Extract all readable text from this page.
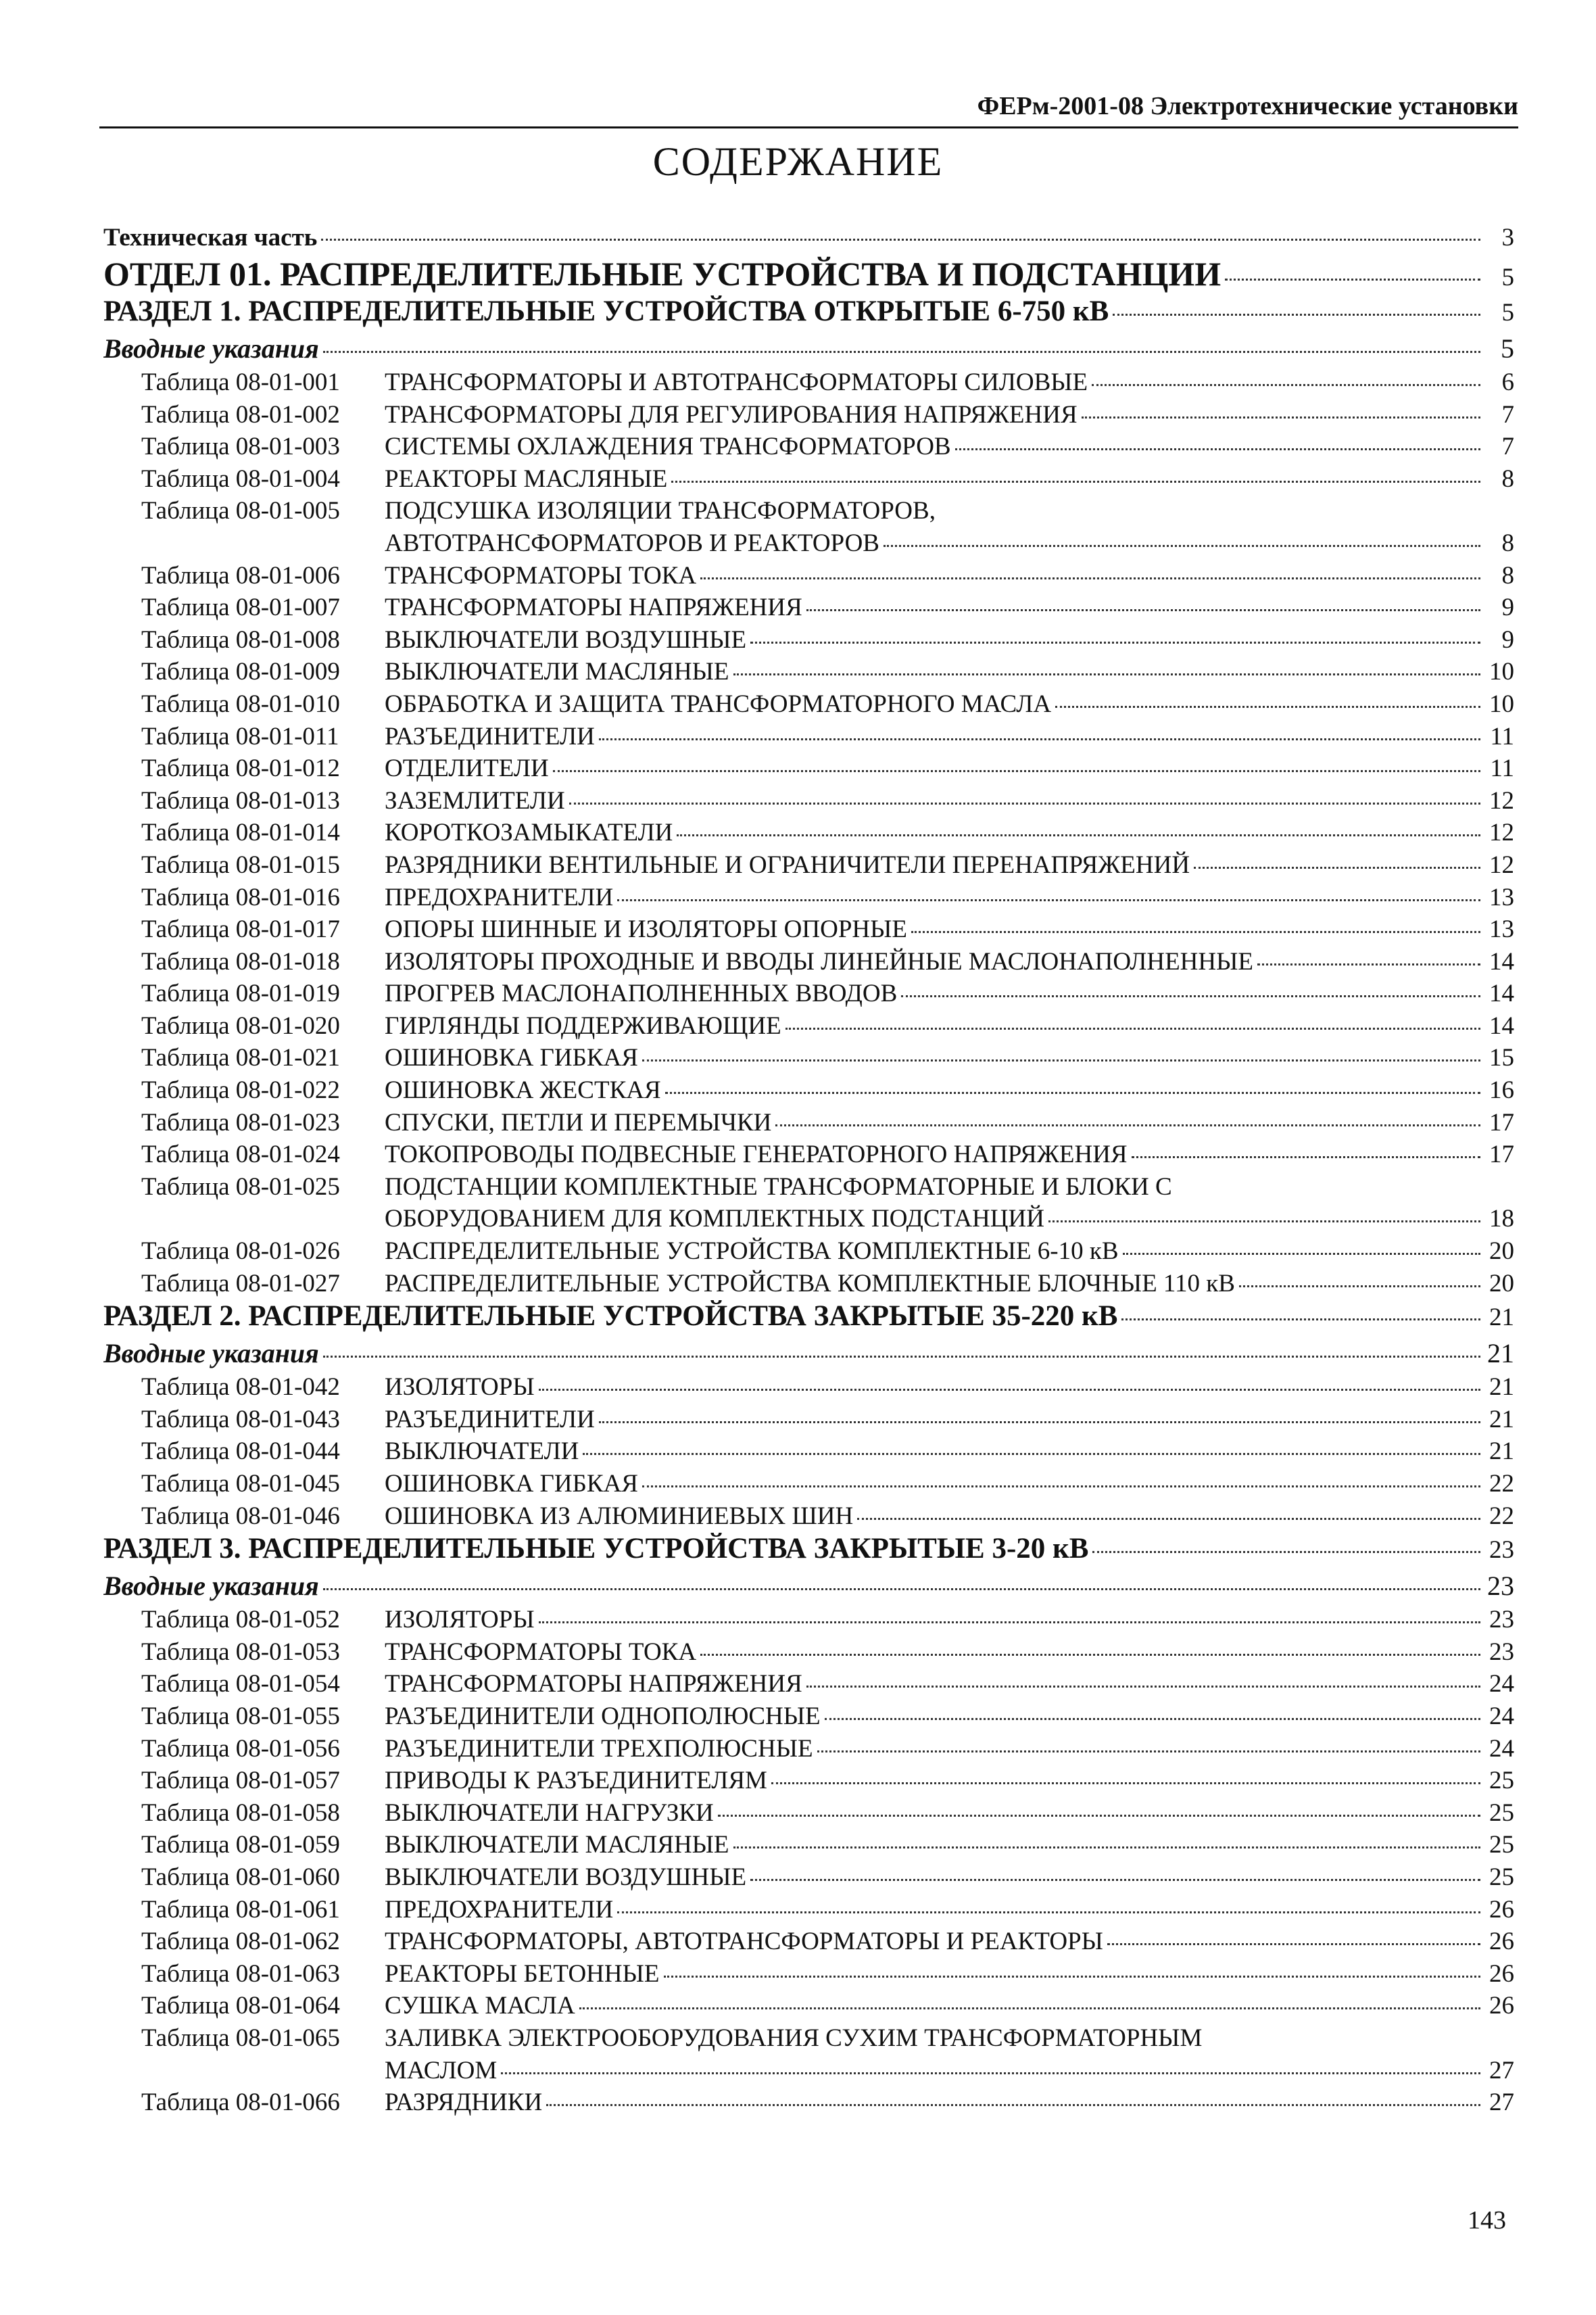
ФЕРм-2001-08 Электротехнические установки
СОДЕРЖАНИЕ
Техническая часть	3
ОТДЕЛ 01. РАСПРЕДЕЛИТЕЛЬНЫЕ УСТРОЙСТВА И ПОДСТАНЦИИ	5
РАЗДЕЛ 1. РАСПРЕДЕЛИТЕЛЬНЫЕ УСТРОЙСТВА ОТКРЫТЫЕ 6-750 кВ	5
Вводные указания	5
Таблица 08-01-001	ТРАНСФОРМАТОРЫ И АВТОТРАНСФОРМАТОРЫ СИЛОВЫЕ	6
Таблица 08-01-002	ТРАНСФОРМАТОРЫ ДЛЯ РЕГУЛИРОВАНИЯ НАПРЯЖЕНИЯ	7
Таблица 08-01-003	СИСТЕМЫ ОХЛАЖДЕНИЯ ТРАНСФОРМАТОРОВ	7
Таблица 08-01-004	РЕАКТОРЫ МАСЛЯНЫЕ	8
Таблица 08-01-005	ПОДСУШКА ИЗОЛЯЦИИ ТРАНСФОРМАТОРОВ,
АВТОТРАНСФОРМАТОРОВ И РЕАКТОРОВ	8
Таблица 08-01-006	ТРАНСФОРМАТОРЫ ТОКА	8
Таблица 08-01-007	ТРАНСФОРМАТОРЫ НАПРЯЖЕНИЯ	9
Таблица 08-01-008	ВЫКЛЮЧАТЕЛИ ВОЗДУШНЫЕ	9
Таблица 08-01-009	ВЫКЛЮЧАТЕЛИ МАСЛЯНЫЕ	10
Таблица 08-01-010	ОБРАБОТКА И ЗАЩИТА ТРАНСФОРМАТОРНОГО МАСЛА	10
Таблица 08-01-011	РАЗЪЕДИНИТЕЛИ	11
Таблица 08-01-012	ОТДЕЛИТЕЛИ	11
Таблица 08-01-013	ЗАЗЕМЛИТЕЛИ	12
Таблица 08-01-014	КОРОТКОЗАМЫКАТЕЛИ	12
Таблица 08-01-015	РАЗРЯДНИКИ ВЕНТИЛЬНЫЕ И ОГРАНИЧИТЕЛИ ПЕРЕНАПРЯЖЕНИЙ	12
Таблица 08-01-016	ПРЕДОХРАНИТЕЛИ	13
Таблица 08-01-017	ОПОРЫ ШИННЫЕ И ИЗОЛЯТОРЫ ОПОРНЫЕ	13
Таблица 08-01-018	ИЗОЛЯТОРЫ ПРОХОДНЫЕ И ВВОДЫ ЛИНЕЙНЫЕ МАСЛОНАПОЛНЕННЫЕ	14
Таблица 08-01-019	ПРОГРЕВ МАСЛОНАПОЛНЕННЫХ ВВОДОВ	14
Таблица 08-01-020	ГИРЛЯНДЫ ПОДДЕРЖИВАЮЩИЕ	14
Таблица 08-01-021	ОШИНОВКА ГИБКАЯ	15
Таблица 08-01-022	ОШИНОВКА ЖЕСТКАЯ	16
Таблица 08-01-023	СПУСКИ, ПЕТЛИ И ПЕРЕМЫЧКИ	17
Таблица 08-01-024	ТОКОПРОВОДЫ ПОДВЕСНЫЕ ГЕНЕРАТОРНОГО НАПРЯЖЕНИЯ	17
Таблица 08-01-025	ПОДСТАНЦИИ КОМПЛЕКТНЫЕ ТРАНСФОРМАТОРНЫЕ И БЛОКИ С
ОБОРУДОВАНИЕМ ДЛЯ КОМПЛЕКТНЫХ ПОДСТАНЦИЙ	18
Таблица 08-01-026	РАСПРЕДЕЛИТЕЛЬНЫЕ УСТРОЙСТВА КОМПЛЕКТНЫЕ 6-10 кВ	20
Таблица 08-01-027	РАСПРЕДЕЛИТЕЛЬНЫЕ УСТРОЙСТВА КОМПЛЕКТНЫЕ БЛОЧНЫЕ 110 кВ	20
РАЗДЕЛ 2. РАСПРЕДЕЛИТЕЛЬНЫЕ УСТРОЙСТВА ЗАКРЫТЫЕ 35-220 кВ	21
Вводные указания	21
Таблица 08-01-042	ИЗОЛЯТОРЫ	21
Таблица 08-01-043	РАЗЪЕДИНИТЕЛИ	21
Таблица 08-01-044	ВЫКЛЮЧАТЕЛИ	21
Таблица 08-01-045	ОШИНОВКА ГИБКАЯ	22
Таблица 08-01-046	ОШИНОВКА ИЗ АЛЮМИНИЕВЫХ ШИН	22
РАЗДЕЛ 3. РАСПРЕДЕЛИТЕЛЬНЫЕ УСТРОЙСТВА ЗАКРЫТЫЕ 3-20 кВ	23
Вводные указания	23
Таблица 08-01-052	ИЗОЛЯТОРЫ	23
Таблица 08-01-053	ТРАНСФОРМАТОРЫ ТОКА	23
Таблица 08-01-054	ТРАНСФОРМАТОРЫ НАПРЯЖЕНИЯ	24
Таблица 08-01-055	РАЗЪЕДИНИТЕЛИ ОДНОПОЛЮСНЫЕ	24
Таблица 08-01-056	РАЗЪЕДИНИТЕЛИ ТРЕХПОЛЮСНЫЕ	24
Таблица 08-01-057	ПРИВОДЫ К РАЗЪЕДИНИТЕЛЯМ	25
Таблица 08-01-058	ВЫКЛЮЧАТЕЛИ НАГРУЗКИ	25
Таблица 08-01-059	ВЫКЛЮЧАТЕЛИ МАСЛЯНЫЕ	25
Таблица 08-01-060	ВЫКЛЮЧАТЕЛИ ВОЗДУШНЫЕ	25
Таблица 08-01-061	ПРЕДОХРАНИТЕЛИ	26
Таблица 08-01-062	ТРАНСФОРМАТОРЫ, АВТОТРАНСФОРМАТОРЫ И РЕАКТОРЫ	26
Таблица 08-01-063	РЕАКТОРЫ БЕТОННЫЕ	26
Таблица 08-01-064	СУШКА МАСЛА	26
Таблица 08-01-065	ЗАЛИВКА ЭЛЕКТРООБОРУДОВАНИЯ СУХИМ ТРАНСФОРМАТОРНЫМ
МАСЛОМ	27
Таблица 08-01-066	РАЗРЯДНИКИ	27
143
